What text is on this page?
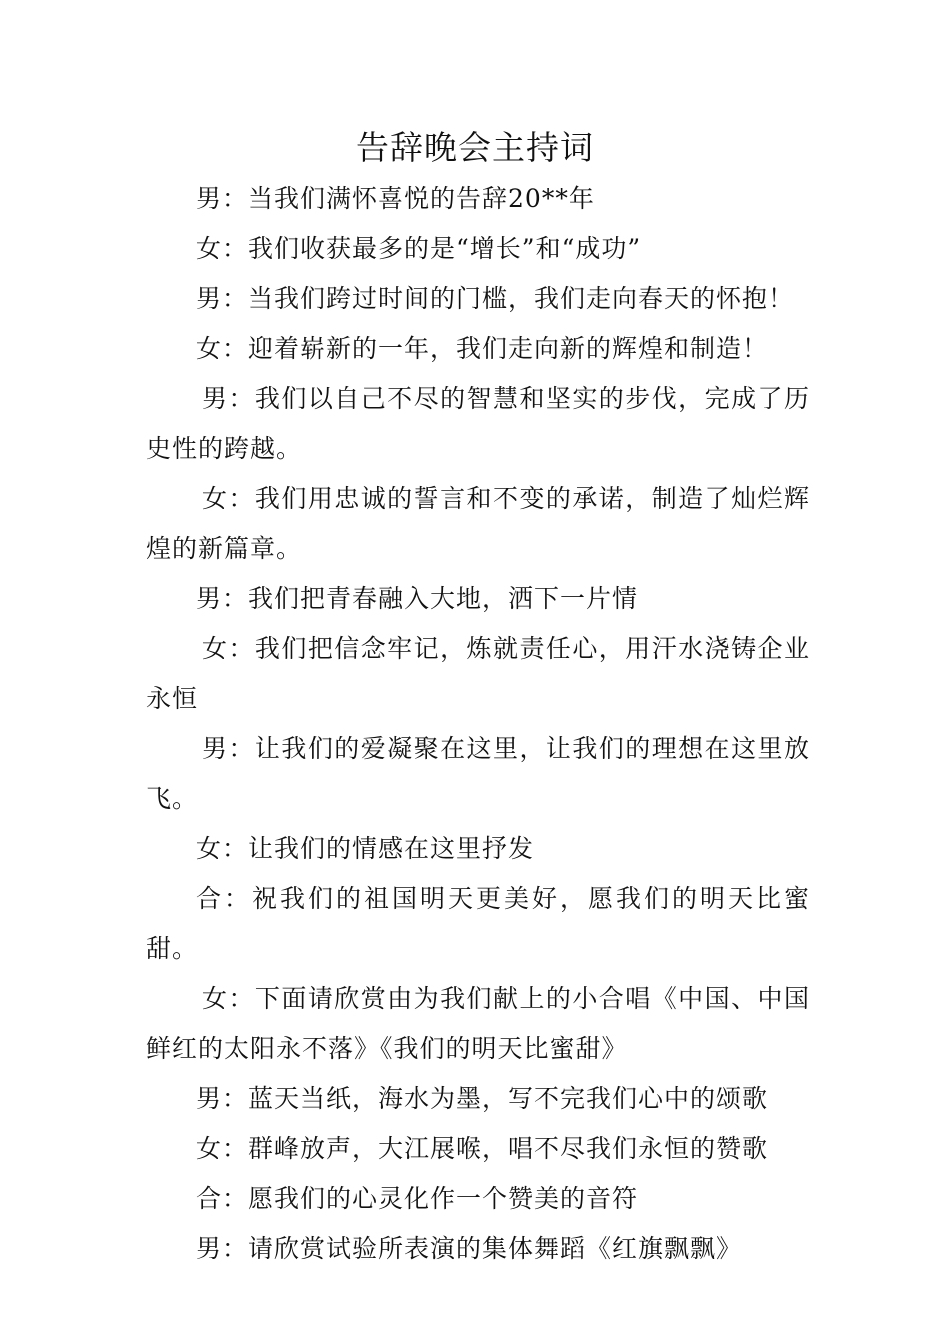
告辞晚会主持词

男：当我们满怀喜悦的告辞20**年

女：我们收获最多的是“增长”和“成功”

男：当我们跨过时间的门槛，我们走向春天的怀抱！

女：迎着崭新的一年，我们走向新的辉煌和制造！

男：我们以自己不尽的智慧和坚实的步伐，完成了历史性的跨越。

女：我们用忠诚的誓言和不变的承诺，制造了灿烂辉煌的新篇章。

男：我们把青春融入大地，洒下一片情

女：我们把信念牢记，炼就责任心，用汗水浇铸企业永恒

男：让我们的爱凝聚在这里，让我们的理想在这里放飞。

女：让我们的情感在这里抒发

合：祝我们的祖国明天更美好，愿我们的明天比蜜甜。

女：下面请欣赏由为我们献上的小合唱《中国、中国鲜红的太阳永不落》《我们的明天比蜜甜》

男：蓝天当纸，海水为墨，写不完我们心中的颂歌

女：群峰放声，大江展喉，唱不尽我们永恒的赞歌

合：愿我们的心灵化作一个赞美的音符

男：请欣赏试验所表演的集体舞蹈《红旗飘飘》
